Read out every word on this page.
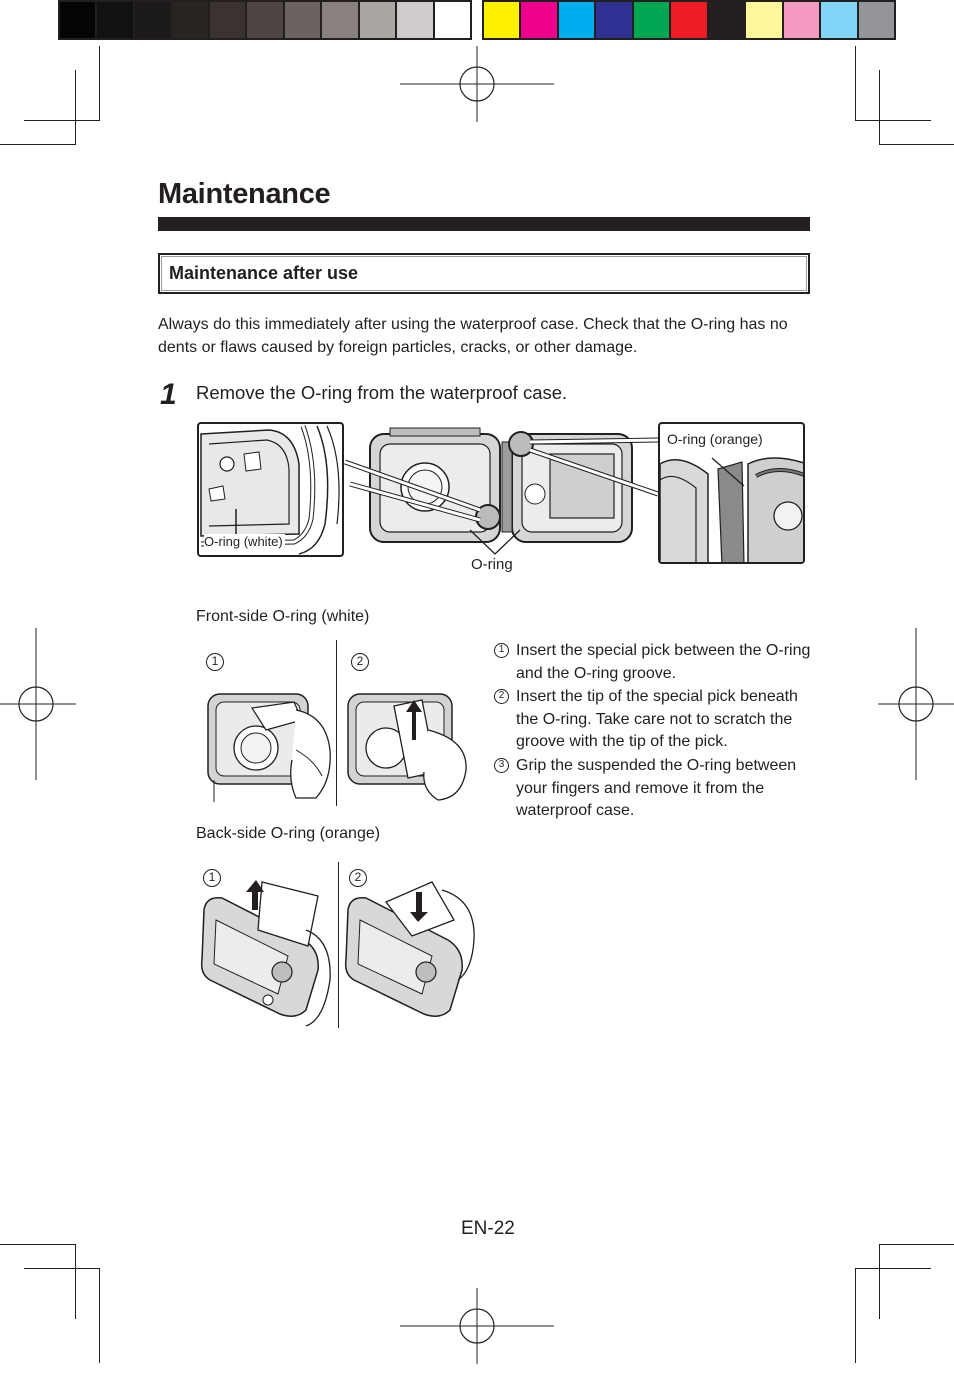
Maintenance
Maintenance after use
Always do this immediately after using the waterproof case. Check that the O-ring has no dents or flaws caused by foreign particles, cracks, or other damage.
1 Remove the O-ring from the waterproof case.
O-ring (white)
O-ring
O-ring (orange)
Front-side O-ring (white)
1	2
Back-side O-ring (orange)
1	2
1 Insert the special pick between the O-ring and the O-ring groove.
2 Insert the tip of the special pick beneath the O-ring. Take care not to scratch the groove with the tip of the pick.
3 Grip the suspended the O-ring between your fingers and remove it from the waterproof case.
EN-22
